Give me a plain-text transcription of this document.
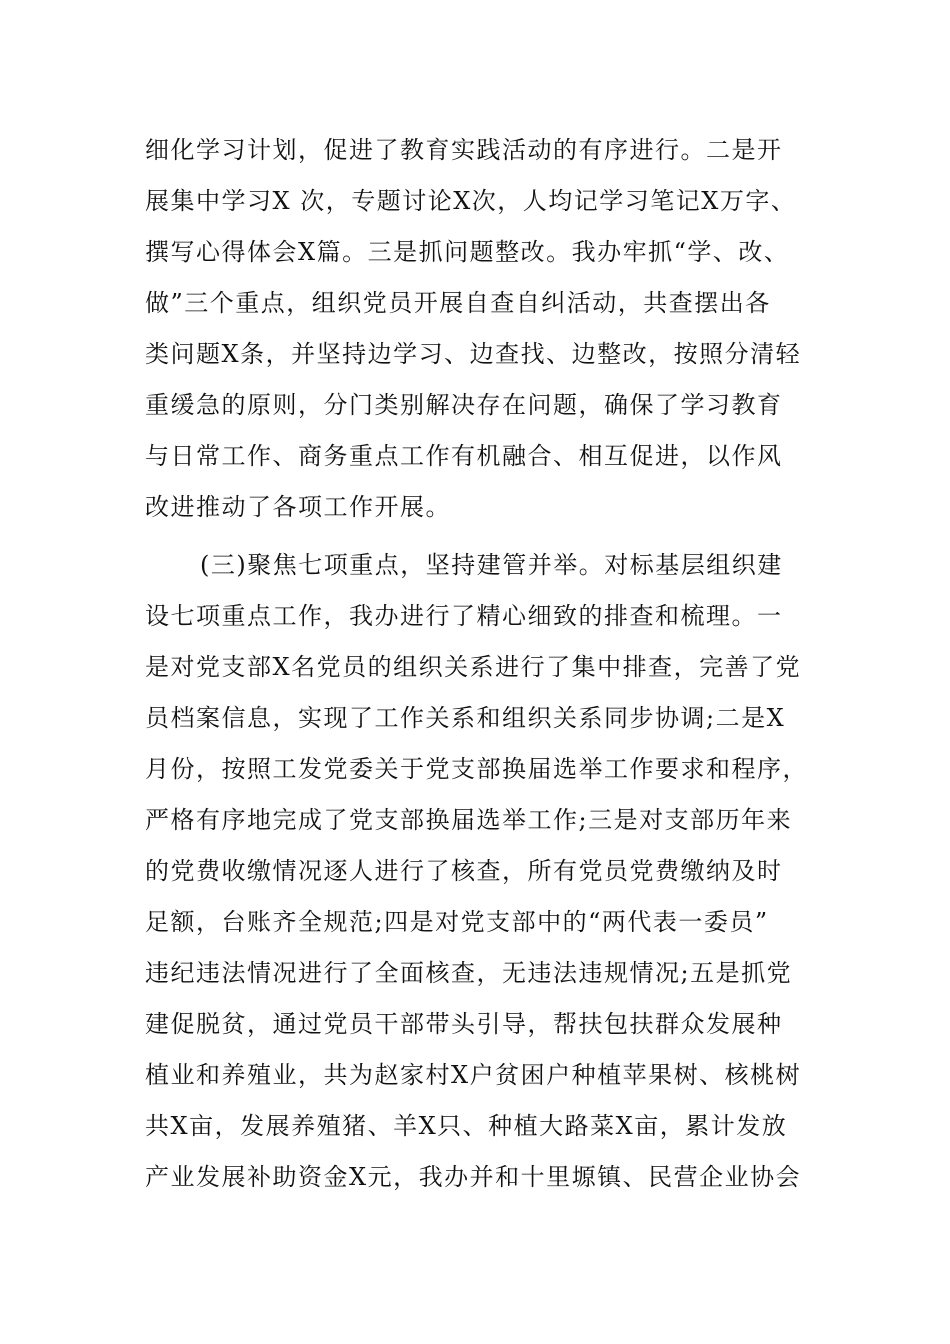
细化学习计划，促进了教育实践活动的有序进行。二是开
展集中学习X 次，专题讨论X次，人均记学习笔记X万字、
撰写心得体会X篇。三是抓问题整改。我办牢抓“学、改、
做”三个重点，组织党员开展自查自纠活动，共查摆出各
类问题X条，并坚持边学习、边查找、边整改，按照分清轻
重缓急的原则，分门类别解决存在问题，确保了学习教育
与日常工作、商务重点工作有机融合、相互促进，以作风
改进推动了各项工作开展。
(三)聚焦七项重点，坚持建管并举。对标基层组织建
设七项重点工作，我办进行了精心细致的排查和梳理。一
是对党支部X名党员的组织关系进行了集中排查，完善了党
员档案信息，实现了工作关系和组织关系同步协调;二是X
月份，按照工发党委关于党支部换届选举工作要求和程序，
严格有序地完成了党支部换届选举工作;三是对支部历年来
的党费收缴情况逐人进行了核查，所有党员党费缴纳及时
足额，台账齐全规范;四是对党支部中的“两代表一委员”
违纪违法情况进行了全面核查，无违法违规情况;五是抓党
建促脱贫，通过党员干部带头引导，帮扶包扶群众发展种
植业和养殖业，共为赵家村X户贫困户种植苹果树、核桃树
共X亩，发展养殖猪、羊X只、种植大路菜X亩，累计发放
产业发展补助资金X元，我办并和十里塬镇、民营企业协会
